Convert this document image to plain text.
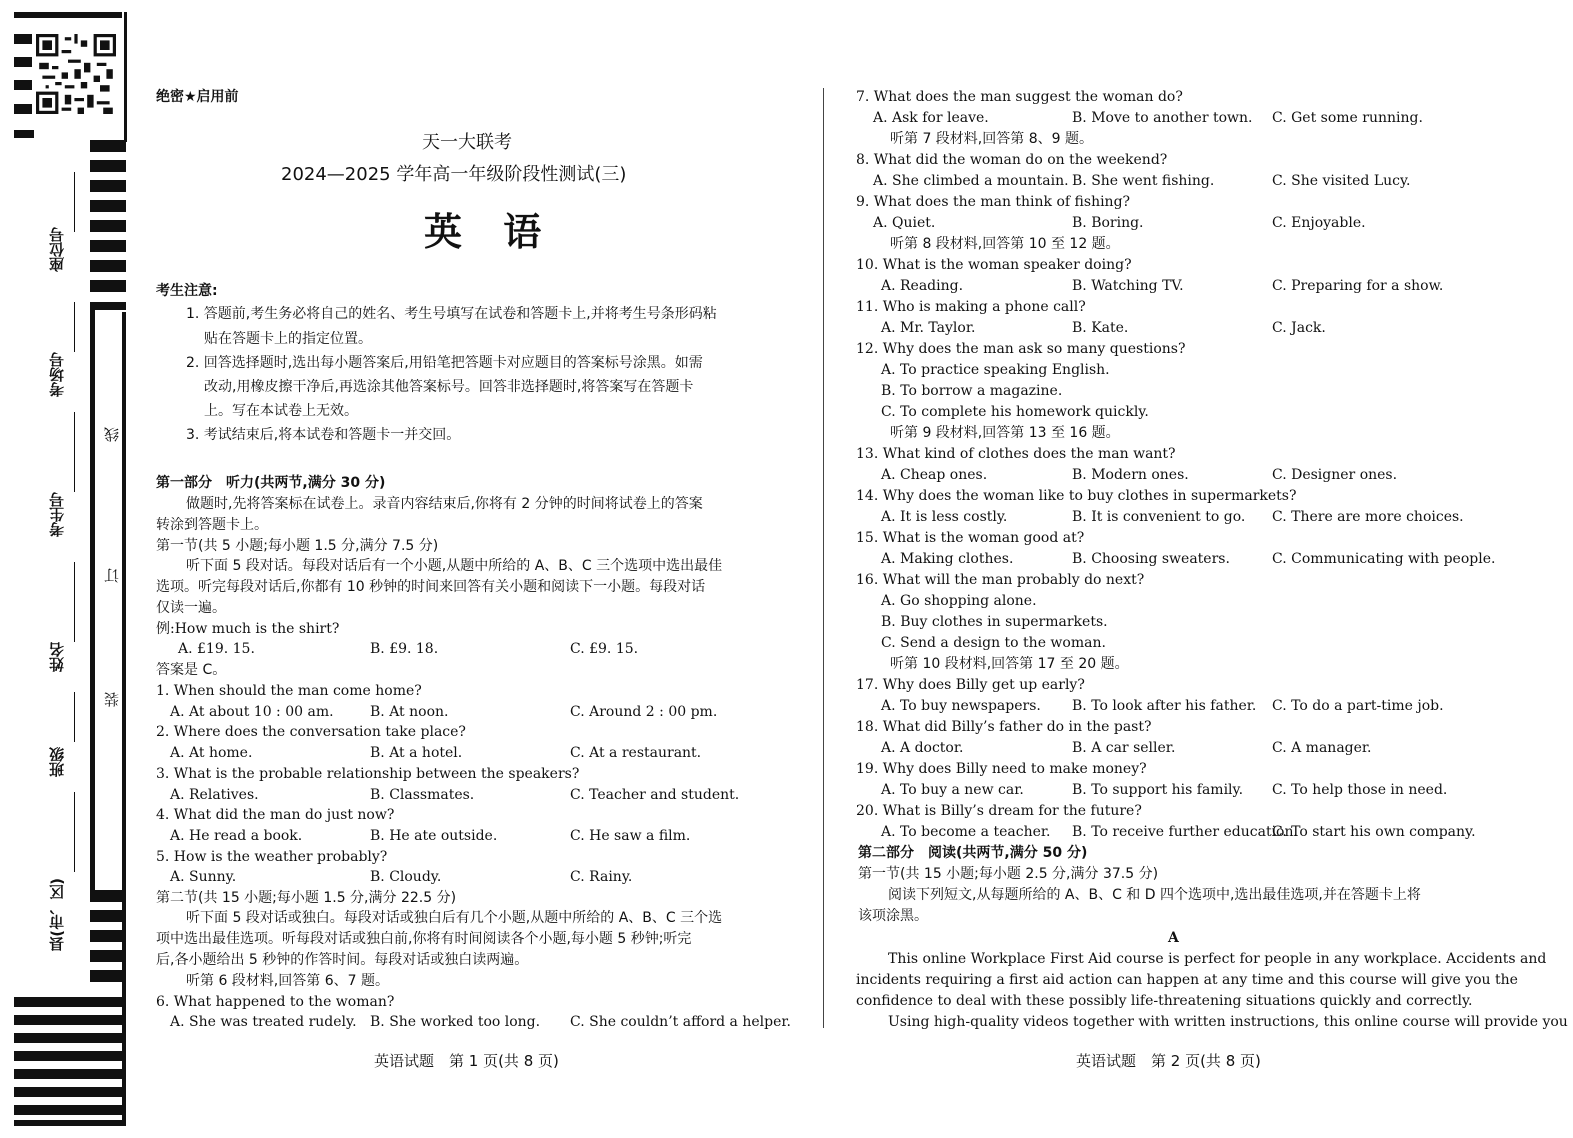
座位号
考场号
考生号
姓名
班级
县(市、区)
线
订
装
绝密★启用前
天一大联考
2024—2025 学年高一年级阶段性测试(三)
英 语
考生注意:
1. 答题前,考生务必将自己的姓名、考生号填写在试卷和答题卡上,并将考生号条形码粘
贴在答题卡上的指定位置。
2. 回答选择题时,选出每小题答案后,用铅笔把答题卡对应题目的答案标号涂黑。如需
改动,用橡皮擦干净后,再选涂其他答案标号。回答非选择题时,将答案写在答题卡
上。写在本试卷上无效。
3. 考试结束后,将本试卷和答题卡一并交回。
第一部分　听力(共两节,满分 30 分)
做题时,先将答案标在试卷上。录音内容结束后,你将有 2 分钟的时间将试卷上的答案
转涂到答题卡上。
第一节(共 5 小题;每小题 1.5 分,满分 7.5 分)
听下面 5 段对话。每段对话后有一个小题,从题中所给的 A、B、C 三个选项中选出最佳
选项。听完每段对话后,你都有 10 秒钟的时间来回答有关小题和阅读下一小题。每段对话
仅读一遍。
例:How much is the shirt?
A. £19. 15.	B. £9. 18.	C. £9. 15.
答案是 C。
1. When should the man come home?
A. At about 10 : 00 am.	B. At noon.	C. Around 2 : 00 pm.
2. Where does the conversation take place?
A. At home.	B. At a hotel.	C. At a restaurant.
3. What is the probable relationship between the speakers?
A. Relatives.	B. Classmates.	C. Teacher and student.
4. What did the man do just now?
A. He read a book.	B. He ate outside.	C. He saw a film.
5. How is the weather probably?
A. Sunny.	B. Cloudy.	C. Rainy.
第二节(共 15 小题;每小题 1.5 分,满分 22.5 分)
听下面 5 段对话或独白。每段对话或独白后有几个小题,从题中所给的 A、B、C 三个选
项中选出最佳选项。听每段对话或独白前,你将有时间阅读各个小题,每小题 5 秒钟;听完
后,各小题给出 5 秒钟的作答时间。每段对话或独白读两遍。
听第 6 段材料,回答第 6、7 题。
6. What happened to the woman?
A. She was treated rudely. B. She worked too long. C. She couldn’t afford a helper.
英语试题　第 1 页(共 8 页)
7. What does the man suggest the woman do?
A. Ask for leave.	B. Move to another town. C. Get some running.
听第 7 段材料,回答第 8、9 题。
8. What did the woman do on the weekend?
A. She climbed a mountain. B. She went fishing.	C. She visited Lucy.
9. What does the man think of fishing?
A. Quiet.	B. Boring.	C. Enjoyable.
听第 8 段材料,回答第 10 至 12 题。
10. What is the woman speaker doing?
A. Reading.	B. Watching TV.	C. Preparing for a show.
11. Who is making a phone call?
A. Mr. Taylor.	B. Kate.	C. Jack.
12. Why does the man ask so many questions?
A. To practice speaking English.
B. To borrow a magazine.
C. To complete his homework quickly.
听第 9 段材料,回答第 13 至 16 题。
13. What kind of clothes does the man want?
A. Cheap ones.	B. Modern ones.	C. Designer ones.
14. Why does the woman like to buy clothes in supermarkets?
A. It is less costly.	B. It is convenient to go. C. There are more choices.
15. What is the woman good at?
A. Making clothes.	B. Choosing sweaters.	C. Communicating with people.
16. What will the man probably do next?
A. Go shopping alone.
B. Buy clothes in supermarkets.
C. Send a design to the woman.
听第 10 段材料,回答第 17 至 20 题。
17. Why does Billy get up early?
A. To buy newspapers. B. To look after his father. C. To do a part-time job.
18. What did Billy’s father do in the past?
A. A doctor.	B. A car seller.	C. A manager.
19. Why does Billy need to make money?
A. To buy a new car.	B. To support his family. C. To help those in need.
20. What is Billy’s dream for the future?
A. To become a teacher. B. To receive further education.
C. To start his own company.
第二部分　阅读(共两节,满分 50 分)
第一节(共 15 小题;每小题 2.5 分,满分 37.5 分)
阅读下列短文,从每题所给的 A、B、C 和 D 四个选项中,选出最佳选项,并在答题卡上将
该项涂黑。
A
This online Workplace First Aid course is perfect for people in any workplace. Accidents and
incidents requiring a first aid action can happen at any time and this course will give you the
confidence to deal with these possibly life-threatening situations quickly and correctly.
Using high-quality videos together with written instructions, this online course will provide you
英语试题　第 2 页(共 8 页)
